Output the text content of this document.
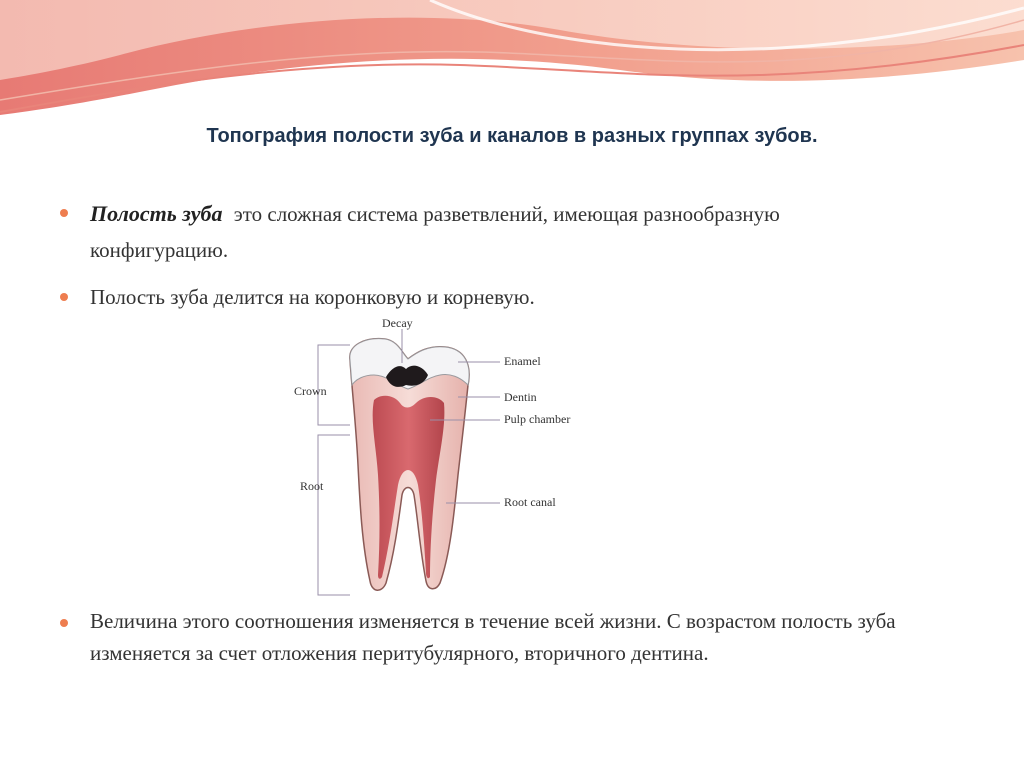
Топография полости зуба и каналов в разных группах зубов.
Полость зуба это сложная система разветвлений, имеющая разнообразную конфигурацию.
Полость зуба делится на коронковую и корневую.
Величина этого соотношения изменяется в течение всей жизни. С возрастом полость зуба изменяется за счет отложения перитубулярного, вторичного дентина.
Decay
Enamel
Dentin
Pulp chamber
Root canal
Crown
Root
